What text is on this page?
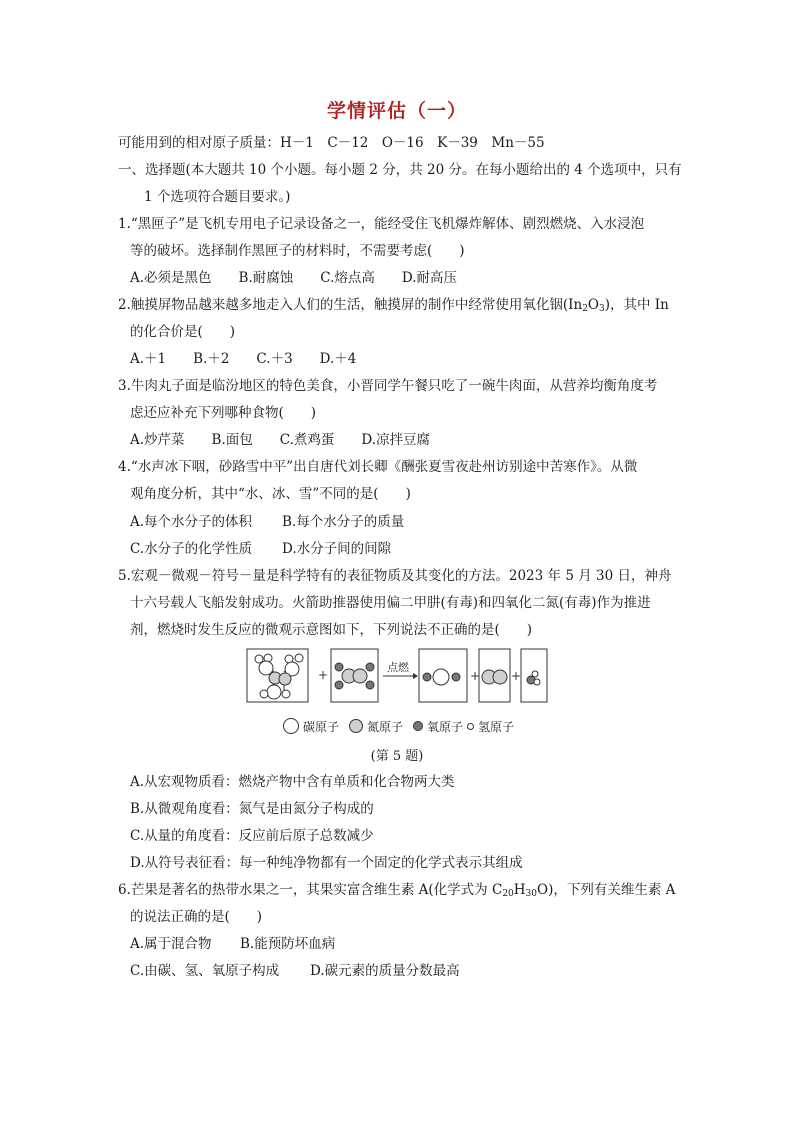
学情评估（一）
可能用到的相对原子质量：H－1　C－12　O－16　K－39　Mn－55
一、选择题(本大题共 10 个小题。每小题 2 分，共 20 分。在每小题给出的 4 个选项中，只有
1 个选项符合题目要求。)
1.“黑匣子”是飞机专用电子记录设备之一，能经受住飞机爆炸解体、剧烈燃烧、入水浸泡
等的破坏。选择制作黑匣子的材料时，不需要考虑(　　)
A.必须是黑色　　B.耐腐蚀　　C.熔点高　　D.耐高压
2.触摸屏物品越来越多地走入人们的生活，触摸屏的制作中经常使用氧化铟$(In_2O_3)$，其中 In
的化合价是(　　)
A.＋1　　B.＋2　　C.＋3　　D.＋4
3.牛肉丸子面是临汾地区的特色美食，小晋同学午餐只吃了一碗牛肉面，从营养均衡角度考
虑还应补充下列哪种食物(　　)
A.炒芹菜　　B.面包　　C.煮鸡蛋　　D.凉拌豆腐
4.“水声冰下咽，砂路雪中平”出自唐代刘长卿《酬张夏雪夜赴州访别途中苦寒作》。从微
观角度分析，其中“水、冰、雪”不同的是(　　)
A.每个水分子的体积 B.每个水分子的质量
C.水分子的化学性质 D.水分子间的间隙
5.宏观－微观－符号－量是科学特有的表征物质及其变化的方法。2023 年 5 月 30 日，神舟
十六号载人飞船发射成功。火箭助推器使用偏二甲肼(有毒)和四氧化二氮(有毒)作为推进
剂，燃烧时发生反应的微观示意图如下，下列说法不正确的是(　　)
+
点燃
+	+
碳原子 氮原子 氧原子 氢原子
(第 5 题)
A.从宏观物质看：燃烧产物中含有单质和化合物两大类
B.从微观角度看：氮气是由氮分子构成的
C.从量的角度看：反应前后原子总数减少
D.从符号表征看：每一种纯净物都有一个固定的化学式表示其组成
6.芒果是著名的热带水果之一，其果实富含维生素 A(化学式为 $C_{20}H_{30}O$)，下列有关维生素 A
的说法正确的是(　　)
A.属于混合物 B.能预防坏血病
C.由碳、氢、氧原子构成 D.碳元素的质量分数最高
